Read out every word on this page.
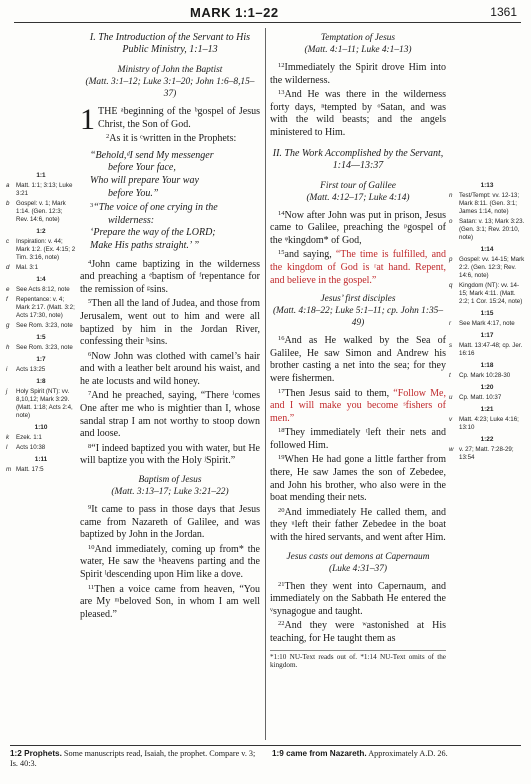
MARK 1:1–22	1361
1:1
a	Matt. 1:1; 3:13; Luke 3:21
b	Gospel: v. 1; Mark 1:14. (Gen. 12:3; Rev. 14:6, note)
1:2
c	Inspiration: v. 44; Mark 1:2. (Ex. 4:15; 2 Tim. 3:16, note)
d	Mal. 3:1
1:4
e	See Acts 8:12, note
f	Repentance: v. 4; Mark 2:17. (Matt. 3:2; Acts 17:30, note)
g	See Rom. 3:23, note
1:5
h	See Rom. 3:23, note
1:7
i	Acts 13:25
1:8
j	Holy Spirit (NT): vv. 8,10,12; Mark 3:29. (Matt. 1:18; Acts 2:4, note)
1:10
k	Ezek. 1:1
l	Acts 10:38
1:11
m Matt. 17:5
1:13
n	Test/Tempt: vv. 12-13; Mark 8:11. (Gen. 3:1; James 1:14, note)
o	Satan: v. 13; Mark 3:23. (Gen. 3:1; Rev. 20:10, note)
1:14
p	Gospel: vv. 14-15; Mark 2:2. (Gen. 12:3; Rev. 14:6, note)
q	Kingdom (NT): vv. 14-15; Mark 4:11. (Matt. 2:2; 1 Cor. 15:24, note)
1:15
r	See Mark 4:17, note
1:17
s	Matt. 13:47-48; cp. Jer. 16:16
1:18
t	Cp. Mark 10:28-30
1:20
u	Cp. Matt. 10:37
1:21
v	Matt. 4:23; Luke 4:16; 13:10
1:22
w v. 27; Matt. 7:28-29; 13:54
I. The Introduction of the Servant to His Public Ministry, 1:1–13
Ministry of John the Baptist
(Matt. 3:1–12; Luke 3:1–20; John 1:6–8,15–37)

1 THE ᵃbeginning of the ᵇgospel of Jesus Christ, the Son of God.

$^2$As it is ᶜwritten in the Prophets:

“Behold,ᵈI send My messenger
before Your face,
Who will prepare Your way
before You.”
$^3$“The voice of one crying in the
wilderness:
‘Prepare the way of the LORD;
Make His paths straight.’ ”

$^4$John came baptizing in the wilderness and preaching a ᵉbaptism of ᶠrepentance for the remission of ᵍsins.

$^5$Then all the land of Judea, and those from Jerusalem, went out to him and were all baptized by him in the Jordan River, confessing their ʰsins.

$^6$Now John was clothed with camel’s hair and with a leather belt around his waist, and he ate locusts and wild honey.

$^7$And he preached, saying, “There ⁱcomes One after me who is mightier than I, whose sandal strap I am not worthy to stoop down and loose.

$^8$“I indeed baptized you with water, but He will baptize you with the Holy ʲSpirit.”

Baptism of Jesus
(Matt. 3:13–17; Luke 3:21–22)

$^9$It came to pass in those days that Jesus came from Nazareth of Galilee, and was baptized by John in the Jordan.

$^{10}$And immediately, coming up from* the water, He saw the ᵏheavens parting and the Spirit ˡdescending upon Him like a dove.

$^{11}$Then a voice came from heaven, “You are My ᵐbeloved Son, in whom I am well pleased.”

Temptation of Jesus
(Matt. 4:1–11; Luke 4:1–13)

$^{12}$Immediately the Spirit drove Him into the wilderness.

$^{13}$And He was there in the wilderness forty days, ⁿtempted by ᵒSatan, and was with the wild beasts; and the angels ministered to Him.

II. The Work Accomplished by the Servant, 1:14—13:37
First tour of Galilee
(Matt. 4:12–17; Luke 4:14)

$^{14}$Now after John was put in prison, Jesus came to Galilee, preaching the ᵖgospel of the ᵠkingdom* of God,

$^{15}$and saying, “The time is fulfilled, and the kingdom of God is ʳat hand. Repent, and believe in the gospel.”

Jesus’ first disciples
(Matt. 4:18–22; Luke 5:1–11; cp. John 1:35–49)

$^{16}$And as He walked by the Sea of Galilee, He saw Simon and Andrew his brother casting a net into the sea; for they were fishermen.

$^{17}$Then Jesus said to them, “Follow Me, and I will make you become ˢfishers of men.”

$^{18}$They immediately ᵗleft their nets and followed Him.

$^{19}$When He had gone a little farther from there, He saw James the son of Zebedee, and John his brother, who also were in the boat mending their nets.

$^{20}$And immediately He called them, and they ᵘleft their father Zebedee in the boat with the hired servants, and went after Him.

Jesus casts out demons at Capernaum
(Luke 4:31–37)

$^{21}$Then they went into Capernaum, and immediately on the Sabbath He entered the ᵛsynagogue and taught.

$^{22}$And they were ʷastonished at His teaching, for He taught them as

*1:10 NU-Text reads out of. *1:14 NU-Text omits of the kingdom.
1:2 Prophets. Some manuscripts read, Isaiah, the prophet. Compare v. 3; Is. 40:3.
1:9 came from Nazareth. Approximately A.D. 26.
